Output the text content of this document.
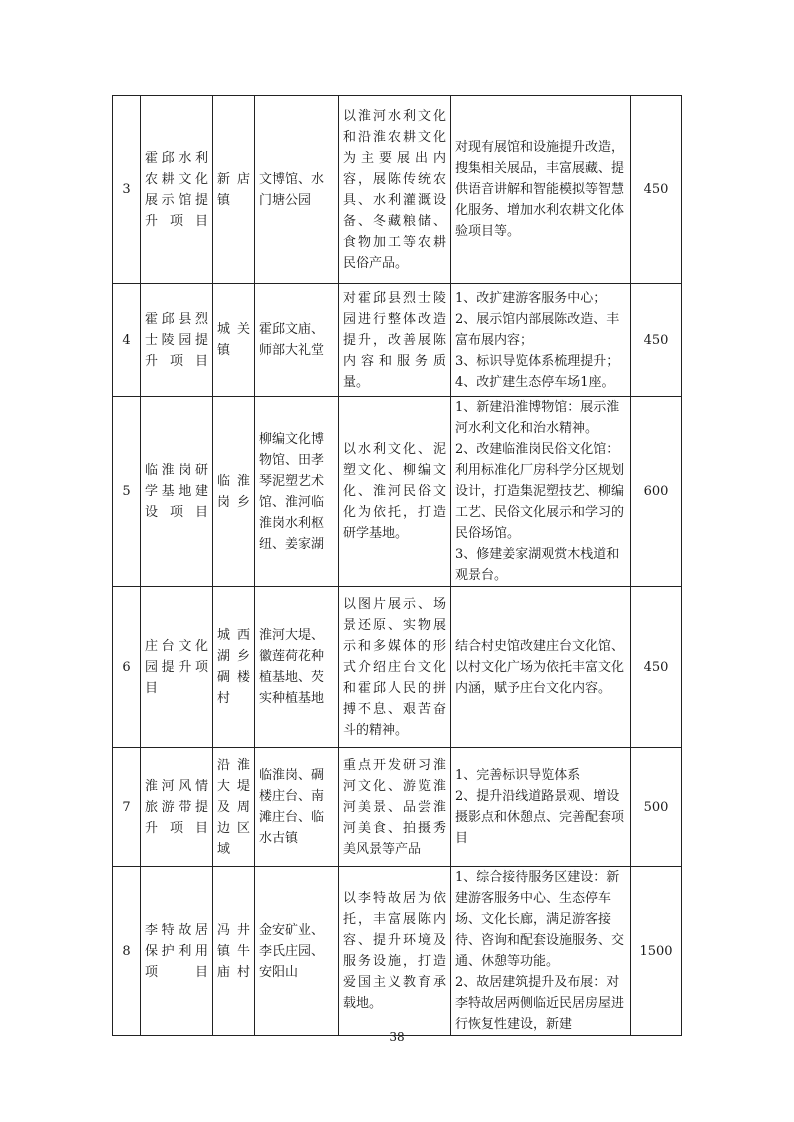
3	霍邱水利农耕文化展示馆提升项目	新店镇	文博馆、水门塘公园	以淮河水利文化和沿淮农耕文化为主要展出内容，展陈传统农具、水利灌溉设备、冬藏粮储、食物加工等农耕民俗产品。	对现有展馆和设施提升改造，搜集相关展品，丰富展藏、提供语音讲解和智能模拟等智慧化服务、增加水利农耕文化体验项目等。	450
4	霍邱县烈士陵园提升项目	城关镇	霍邱文庙、师部大礼堂	对霍邱县烈士陵园进行整体改造提升，改善展陈内容和服务质量。	1、改扩建游客服务中心；
2、展示馆内部展陈改造、丰富布展内容；
3、标识导览体系梳理提升；
4、改扩建生态停车场1座。	450
5	临淮岗研学基地建设项目	临淮岗乡	柳编文化博物馆、田孝琴泥塑艺术馆、淮河临淮岗水利枢纽、姜家湖	以水利文化、泥塑文化、柳编文化、淮河民俗文化为依托，打造研学基地。	1、新建沿淮博物馆：展示淮河水利文化和治水精神。
2、改建临淮岗民俗文化馆：利用标准化厂房科学分区规划设计，打造集泥塑技艺、柳编工艺、民俗文化展示和学习的民俗场馆。
3、修建姜家湖观赏木栈道和观景台。	600
6	庄台文化园提升项目	城西湖乡碉楼村	淮河大堤、徽莲荷花种植基地、芡实种植基地	以图片展示、场景还原、实物展示和多媒体的形式介绍庄台文化和霍邱人民的拼搏不息、艰苦奋斗的精神。	结合村史馆改建庄台文化馆、以村文化广场为依托丰富文化内涵，赋予庄台文化内容。	450
7	淮河风情旅游带提升项目	沿淮大堤及周边区域	临淮岗、碉楼庄台、南滩庄台、临水古镇	重点开发研习淮河文化、游览淮河美景、品尝淮河美食、拍摄秀美风景等产品	1、完善标识导览体系
2、提升沿线道路景观、增设摄影点和休憩点、完善配套项目	500
8	李特故居保护利用项目	冯井镇牛庙村	金安矿业、李氏庄园、安阳山	以李特故居为依托，丰富展陈内容、提升环境及服务设施，打造爱国主义教育承载地。	1、综合接待服务区建设：新建游客服务中心、生态停车场、文化长廊，满足游客接待、咨询和配套设施服务、交通、休憩等功能。
2、故居建筑提升及布展：对李特故居两侧临近民居房屋进行恢复性建设，新建	1500
38
